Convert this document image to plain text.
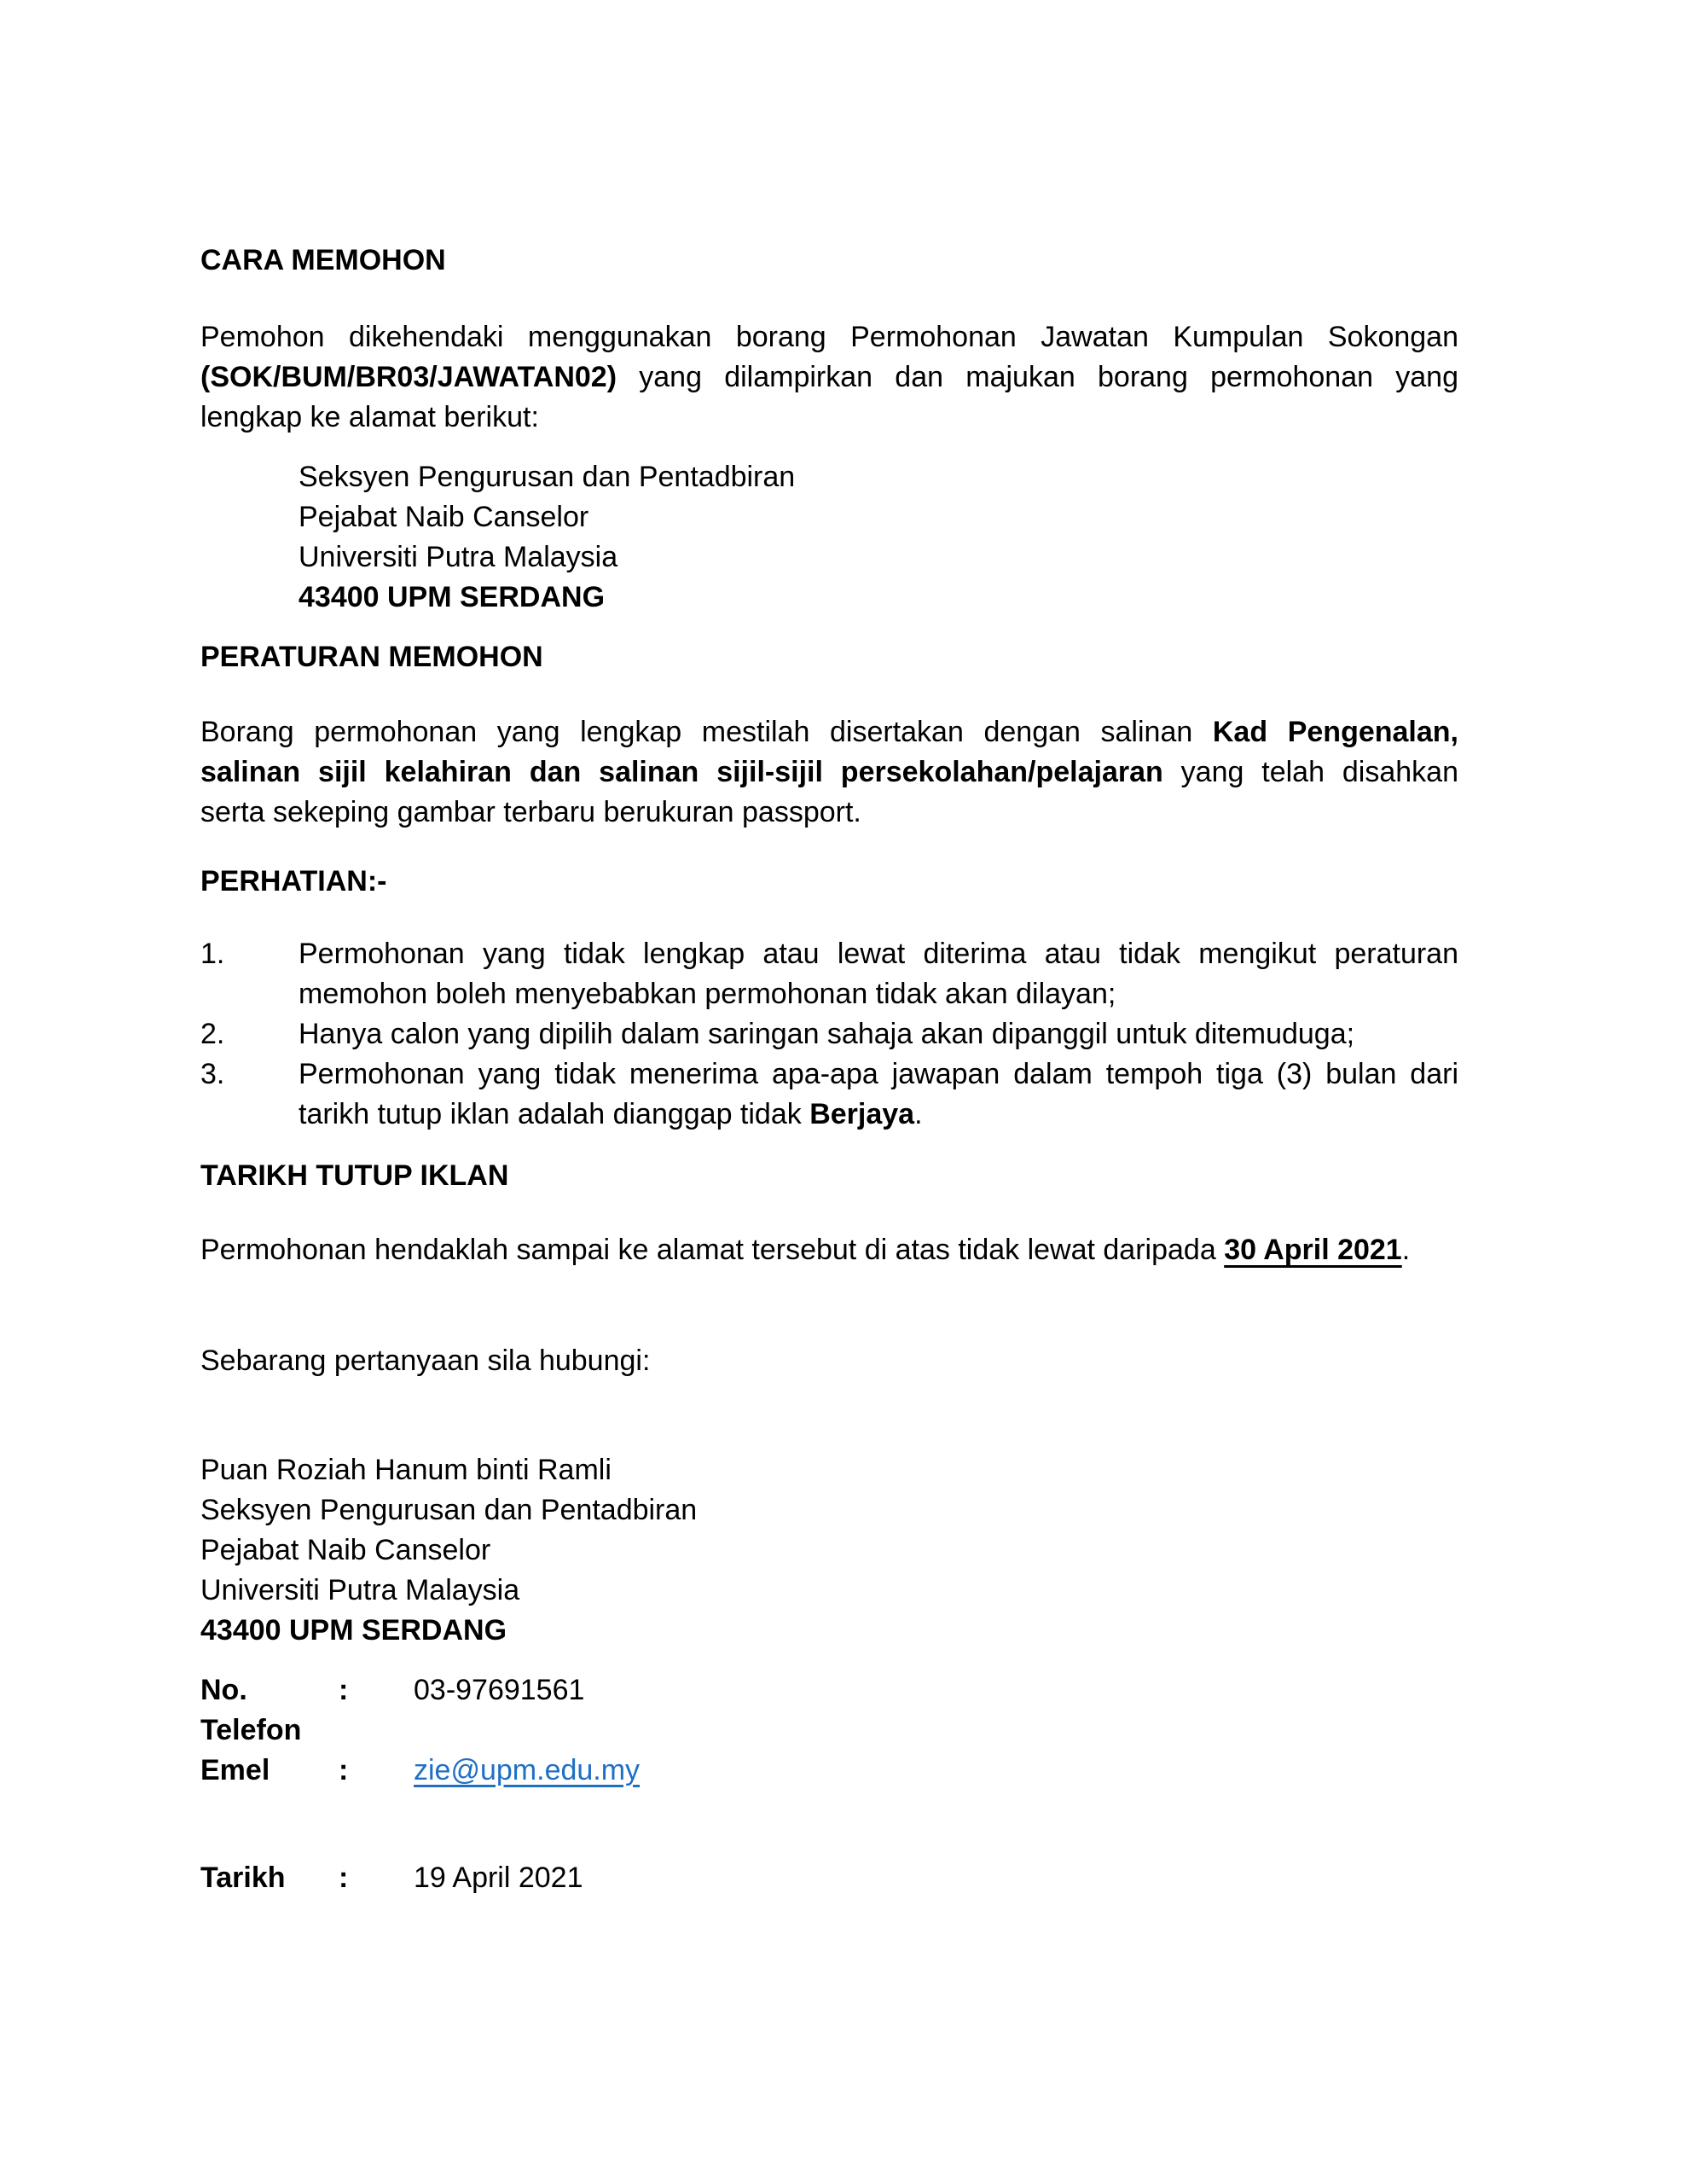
CARA MEMOHON
Pemohon dikehendaki menggunakan borang Permohonan Jawatan Kumpulan Sokongan
(SOK/BUM/BR03/JAWATAN02) yang dilampirkan dan majukan borang permohonan yang
lengkap ke alamat berikut:
Seksyen Pengurusan dan Pentadbiran
Pejabat Naib Canselor
Universiti Putra Malaysia
43400 UPM SERDANG
PERATURAN MEMOHON
Borang permohonan yang lengkap mestilah disertakan dengan salinan Kad Pengenalan,
salinan sijil kelahiran dan salinan sijil-sijil persekolahan/pelajaran yang telah disahkan
serta sekeping gambar terbaru berukuran passport.
PERHATIAN:-
1.	Permohonan yang tidak lengkap atau lewat diterima atau tidak mengikut peraturan
memohon boleh menyebabkan permohonan tidak akan dilayan;
2.	Hanya calon yang dipilih dalam saringan sahaja akan dipanggil untuk ditemuduga;
3.	Permohonan yang tidak menerima apa-apa jawapan dalam tempoh tiga (3) bulan dari
tarikh tutup iklan adalah dianggap tidak Berjaya.
TARIKH TUTUP IKLAN
Permohonan hendaklah sampai ke alamat tersebut di atas tidak lewat daripada 30 April 2021.
Sebarang pertanyaan sila hubungi:
Puan Roziah Hanum binti Ramli
Seksyen Pengurusan dan Pentadbiran
Pejabat Naib Canselor
Universiti Putra Malaysia
43400 UPM SERDANG
No. Telefon
:	03-97691561
Emel	:	zie@upm.edu.my
Tarikh	:	19 April 2021
